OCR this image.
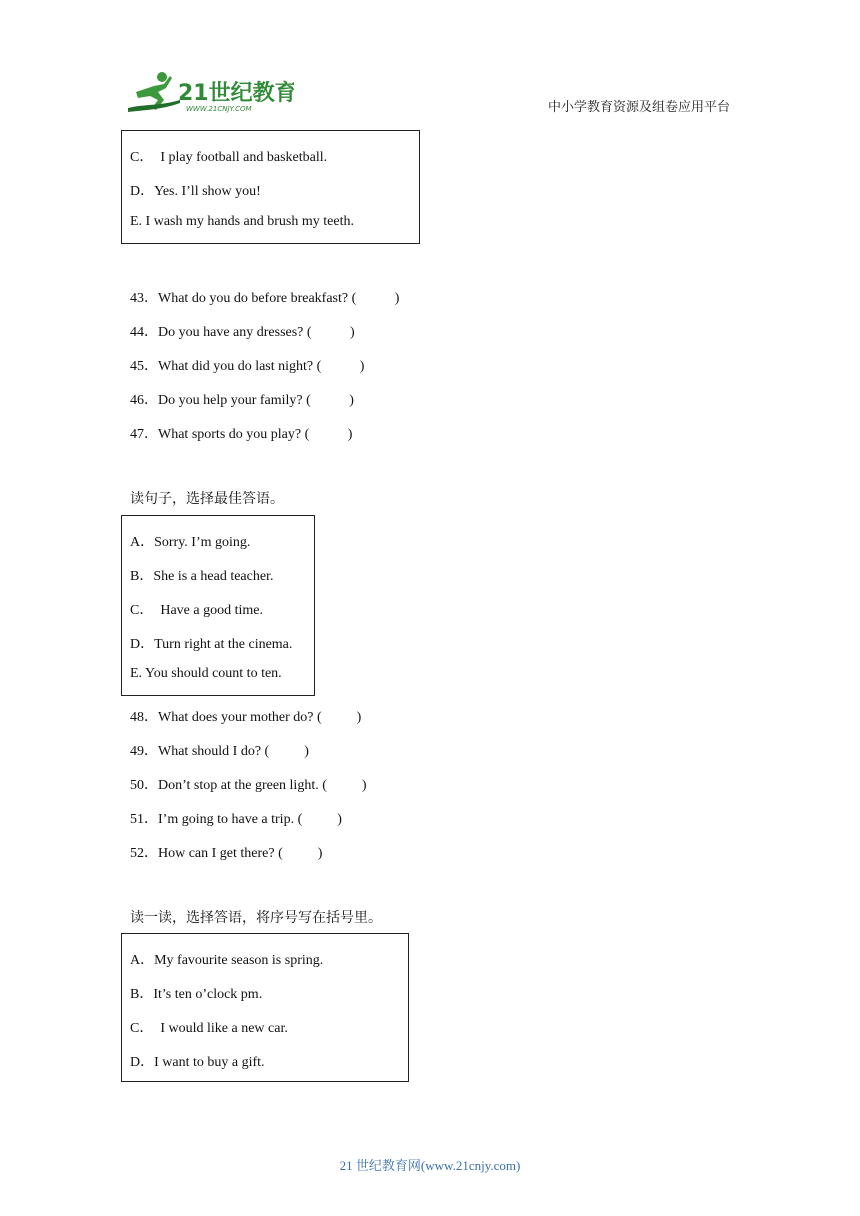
21世纪教育
WWW.21CNJY.COM	中小学教育资源及组卷应用平台
C．  I play football and basketball.
D．Yes. I’ll show you!
E. I wash my hands and brush my teeth.
43．What do you do before breakfast? (           )
44．Do you have any dresses? (           )
45．What did you do last night? (           )
46．Do you help your family? (           )
47．What sports do you play? (           )
读句子，选择最佳答语。
A．Sorry. I’m going.
B．She is a head teacher.
C．  Have a good time.
D．Turn right at the cinema.
E. You should count to ten.
48．What does your mother do? (          )
49．What should I do? (          )
50．Don’t stop at the green light. (          )
51．I’m going to have a trip. (          )
52．How can I get there? (          )
读一读，选择答语，将序号写在括号里。
A．My favourite season is spring.
B．It’s ten o’clock pm.
C．  I would like a new car.
D．I want to buy a gift.
21 世纪教育网(www.21cnjy.com)
